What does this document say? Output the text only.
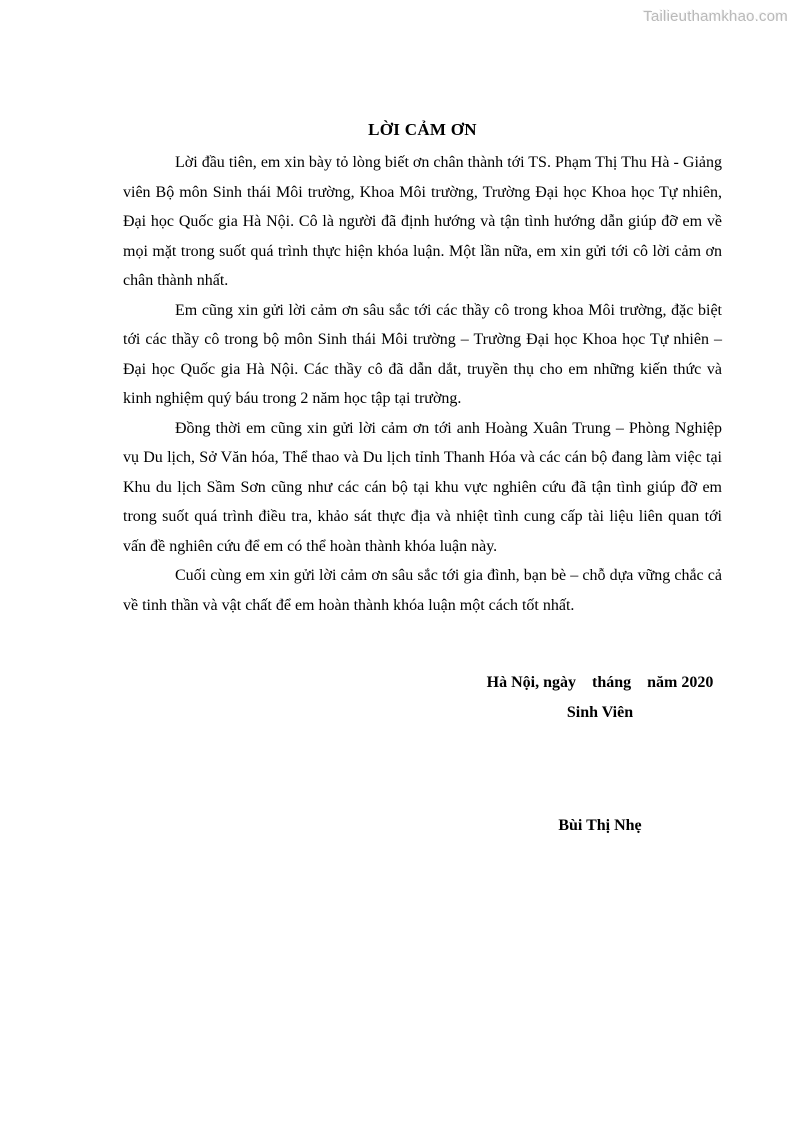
Tailieuthamkhao.com
LỜI CẢM ƠN

Lời đầu tiên, em xin bày tỏ lòng biết ơn chân thành tới TS. Phạm Thị Thu Hà - Giảng viên Bộ môn Sinh thái Môi trường, Khoa Môi trường, Trường Đại học Khoa học Tự nhiên, Đại học Quốc gia Hà Nội. Cô là người đã định hướng và tận tình hướng dẫn giúp đỡ em về mọi mặt trong suốt quá trình thực hiện khóa luận. Một lần nữa, em xin gửi tới cô lời cảm ơn chân thành nhất.

Em cũng xin gửi lời cảm ơn sâu sắc tới các thầy cô trong khoa Môi trường, đặc biệt tới các thầy cô trong bộ môn Sinh thái Môi trường – Trường Đại học Khoa học Tự nhiên – Đại học Quốc gia Hà Nội. Các thầy cô đã dẫn dắt, truyền thụ cho em những kiến thức và kinh nghiệm quý báu trong 2 năm học tập tại trường.

Đồng thời em cũng xin gửi lời cảm ơn tới anh Hoàng Xuân Trung – Phòng Nghiệp vụ Du lịch, Sở Văn hóa, Thể thao và Du lịch tỉnh Thanh Hóa và các cán bộ đang làm việc tại Khu du lịch Sầm Sơn cũng như các cán bộ tại khu vực nghiên cứu đã tận tình giúp đỡ em trong suốt quá trình điều tra, khảo sát thực địa và nhiệt tình cung cấp tài liệu liên quan tới vấn đề nghiên cứu để em có thể hoàn thành khóa luận này.

Cuối cùng em xin gửi lời cảm ơn sâu sắc tới gia đình, bạn bè – chỗ dựa vững chắc cả về tinh thần và vật chất để em hoàn thành khóa luận một cách tốt nhất.

Hà Nội, ngày    tháng    năm 2020
Sinh Viên
Bùi Thị Nhẹ
